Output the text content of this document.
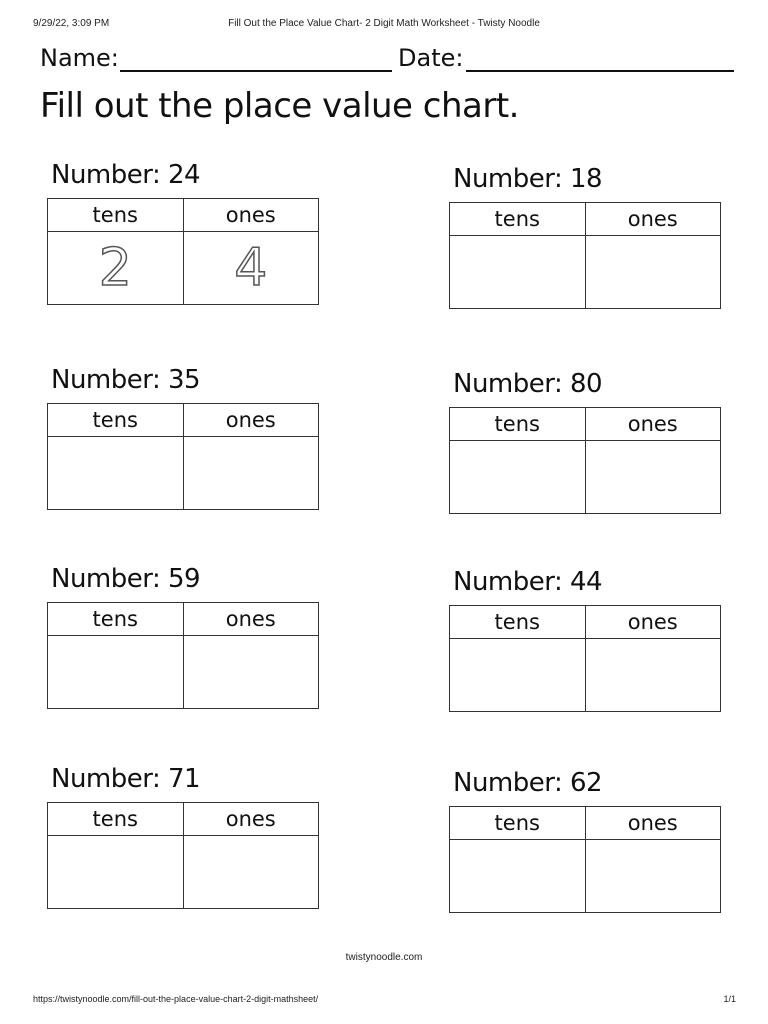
9/29/22, 3:09 PM	Fill Out the Place Value Chart- 2 Digit Math Worksheet - Twisty Noodle
Name:	Date:
Fill out the place value chart.
Number: 24
tens	ones
2	4
Number: 18
tens	ones

Number: 35
tens	ones

Number: 80
tens	ones

Number: 59
tens	ones

Number: 44
tens	ones

Number: 71
tens	ones

Number: 62
tens	ones

twistynoodle.com
https://twistynoodle.com/fill-out-the-place-value-chart-2-digit-mathsheet/	1/1
